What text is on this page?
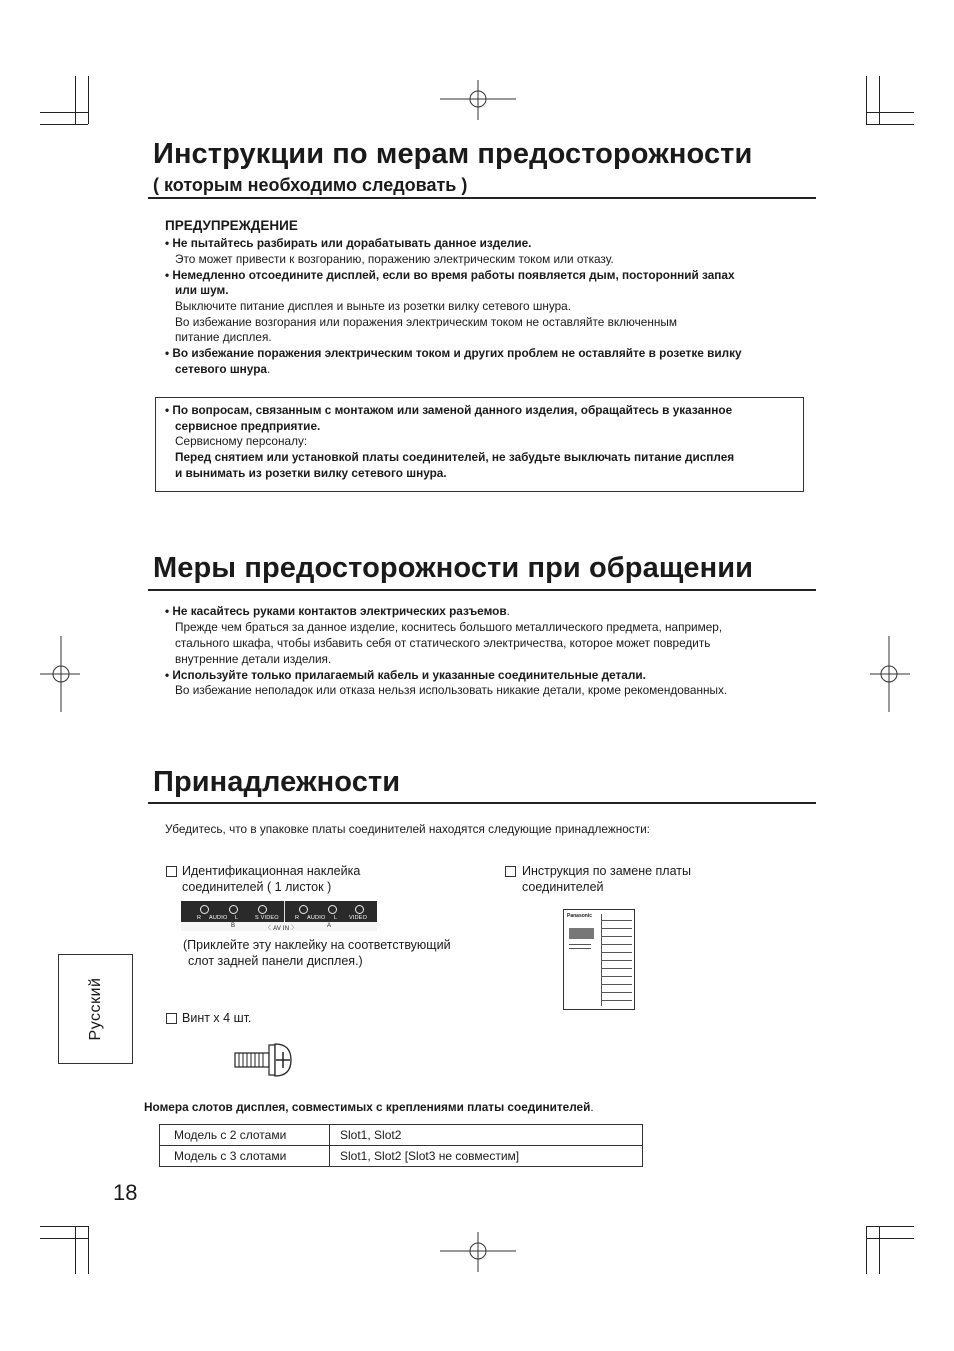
Инструкции по мерам предосторожности
( которым необходимо следовать )
ПРЕДУПРЕЖДЕНИЕ
• Не пытайтесь разбирать или дорабатывать данное изделие.
Это может привести к возгоранию, поражению электрическим током или отказу.
• Немедленно отсоедините дисплей, если во время работы появляется дым, посторонний запах
или шум.
Выключите питание дисплея и выньте из розетки вилку сетевого шнура.
Во избежание возгорания или поражения электрическим током не оставляйте включенным
питание дисплея.
• Во избежание поражения электрическим током и других проблем не оставляйте в розетке вилку
сетевого шнура.
• По вопросам, связанным с монтажом или заменой данного изделия, обращайтесь в указанное
сервисное предприятие.
Сервисному персоналу:
Перед снятием или установкой платы соединителей, не забудьте выключать питание дисплея
и вынимать из розетки вилку сетевого шнура.
Меры предосторожности при обращении
• Не касайтесь руками контактов электрических разъемов.
Прежде чем браться за данное изделие, коснитесь большого металлического предмета, например,
стального шкафа, чтобы избавить себя от статического электричества, которое может повредить
внутренние детали изделия.
• Используйте только прилагаемый кабель и указанные соединительные детали.
Во избежание неполадок или отказа нельзя использовать никакие детали, кроме рекомендованных.
Принадлежности
Убедитесь, что в упаковке платы соединителей находятся следующие принадлежности:
Идентификационная наклейка
соединителей ( 1 листок )
R AUDIO L	S VIDEO	R AUDIO L VIDEO
B	〈 AV IN 〉	A
(Приклейте эту наклейку на соответствующий
слот задней панели дисплея.)
Инструкция по замене платы
соединителей
Panasonic
Винт х 4 шт.
Русский
Номера слотов дисплея, совместимых с креплениями платы соединителей.
Модель с 2 слотами	Slot1, Slot2
Модель с 3 слотами	Slot1, Slot2 [Slot3 не совместим]
18
